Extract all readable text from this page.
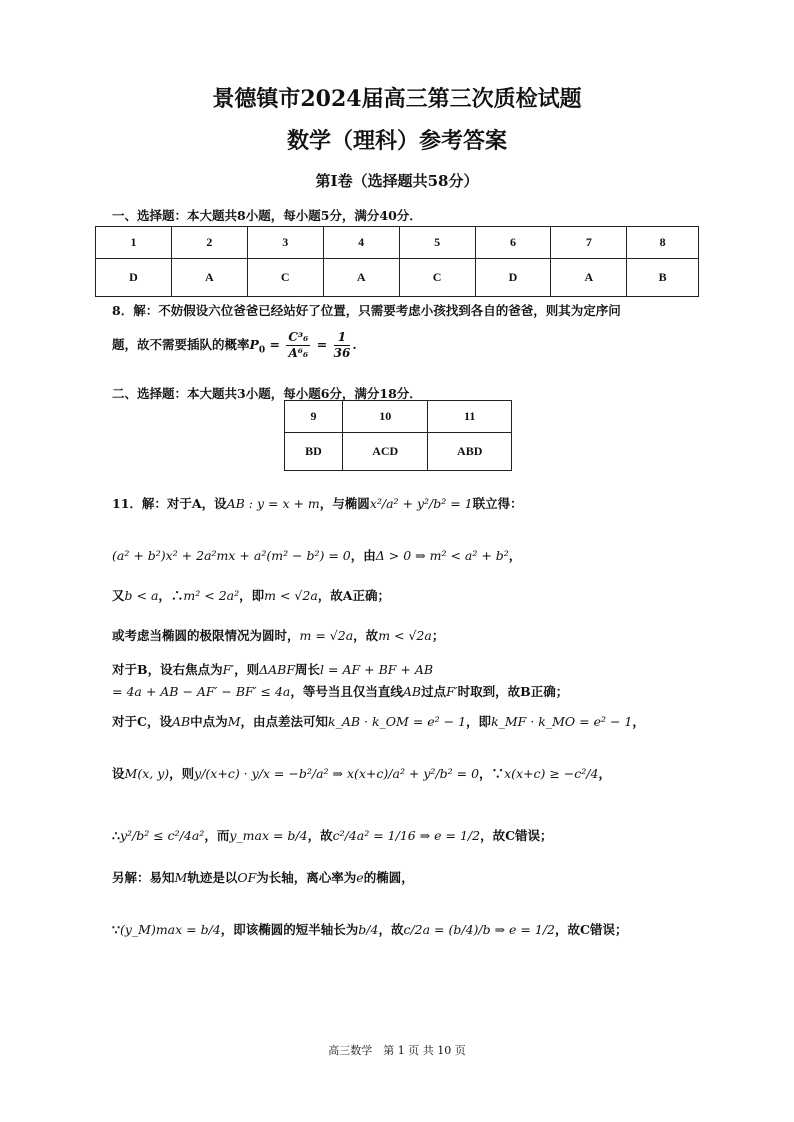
景德镇市2024届高三第三次质检试题
数学（理科）参考答案
第I卷（选择题共58分）
一、选择题：本大题共8小题，每小题5分，满分40分．
1	2	3	4	5	6	7	8
D	A	C	A	C	D	A	B
8．解：不妨假设六位爸爸已经站好了位置，只需要考虑小孩找到各自的爸爸，则其为定序问
题，故不需要插队的概率$P_0 = \frac{\text{C³₆}}{\text{A⁶₆}} = \frac{1}{36}$ .
二、选择题：本大题共3小题，每小题6分，满分18分．
9	10	11
BD	ACD	ABD
11．解：对于A，设AB : y = x + m，与椭圆x²/a² + y²/b² = 1联立得：
(a² + b²)x² + 2a²mx + a²(m² − b²) = 0，由Δ > 0 ⇒ m² < a² + b²，
又b < a，∴m² < 2a²，即m < √2a，故A正确；
或考虑当椭圆的极限情况为圆时，m = √2a，故m < √2a；
对于B，设右焦点为F′，则ΔABF周长l = AF + BF + AB
= 4a + AB − AF′ − BF′ ≤ 4a，等号当且仅当直线AB过点F′时取到，故B正确；
对于C，设AB中点为M，由点差法可知k_AB · k_OM = e² − 1，即k_MF · k_MO = e² − 1，
设M(x, y)，则y/(x+c) · y/x = −b²/a² ⇒ x(x+c)/a² + y²/b² = 0，∵x(x+c) ≥ −c²/4，
∴y²/b² ≤ c²/4a²，而y_max = b/4，故c²/4a² = 1/16 ⇒ e = 1/2，故C错误；
另解：易知M轨迹是以OF为长轴，离心率为e的椭圆，
∵(y_M)max = b/4，即该椭圆的短半轴长为b/4，故c/2a = (b/4)/b ⇒ e = 1/2，故C错误；
高三数学　第 1 页 共 10 页
